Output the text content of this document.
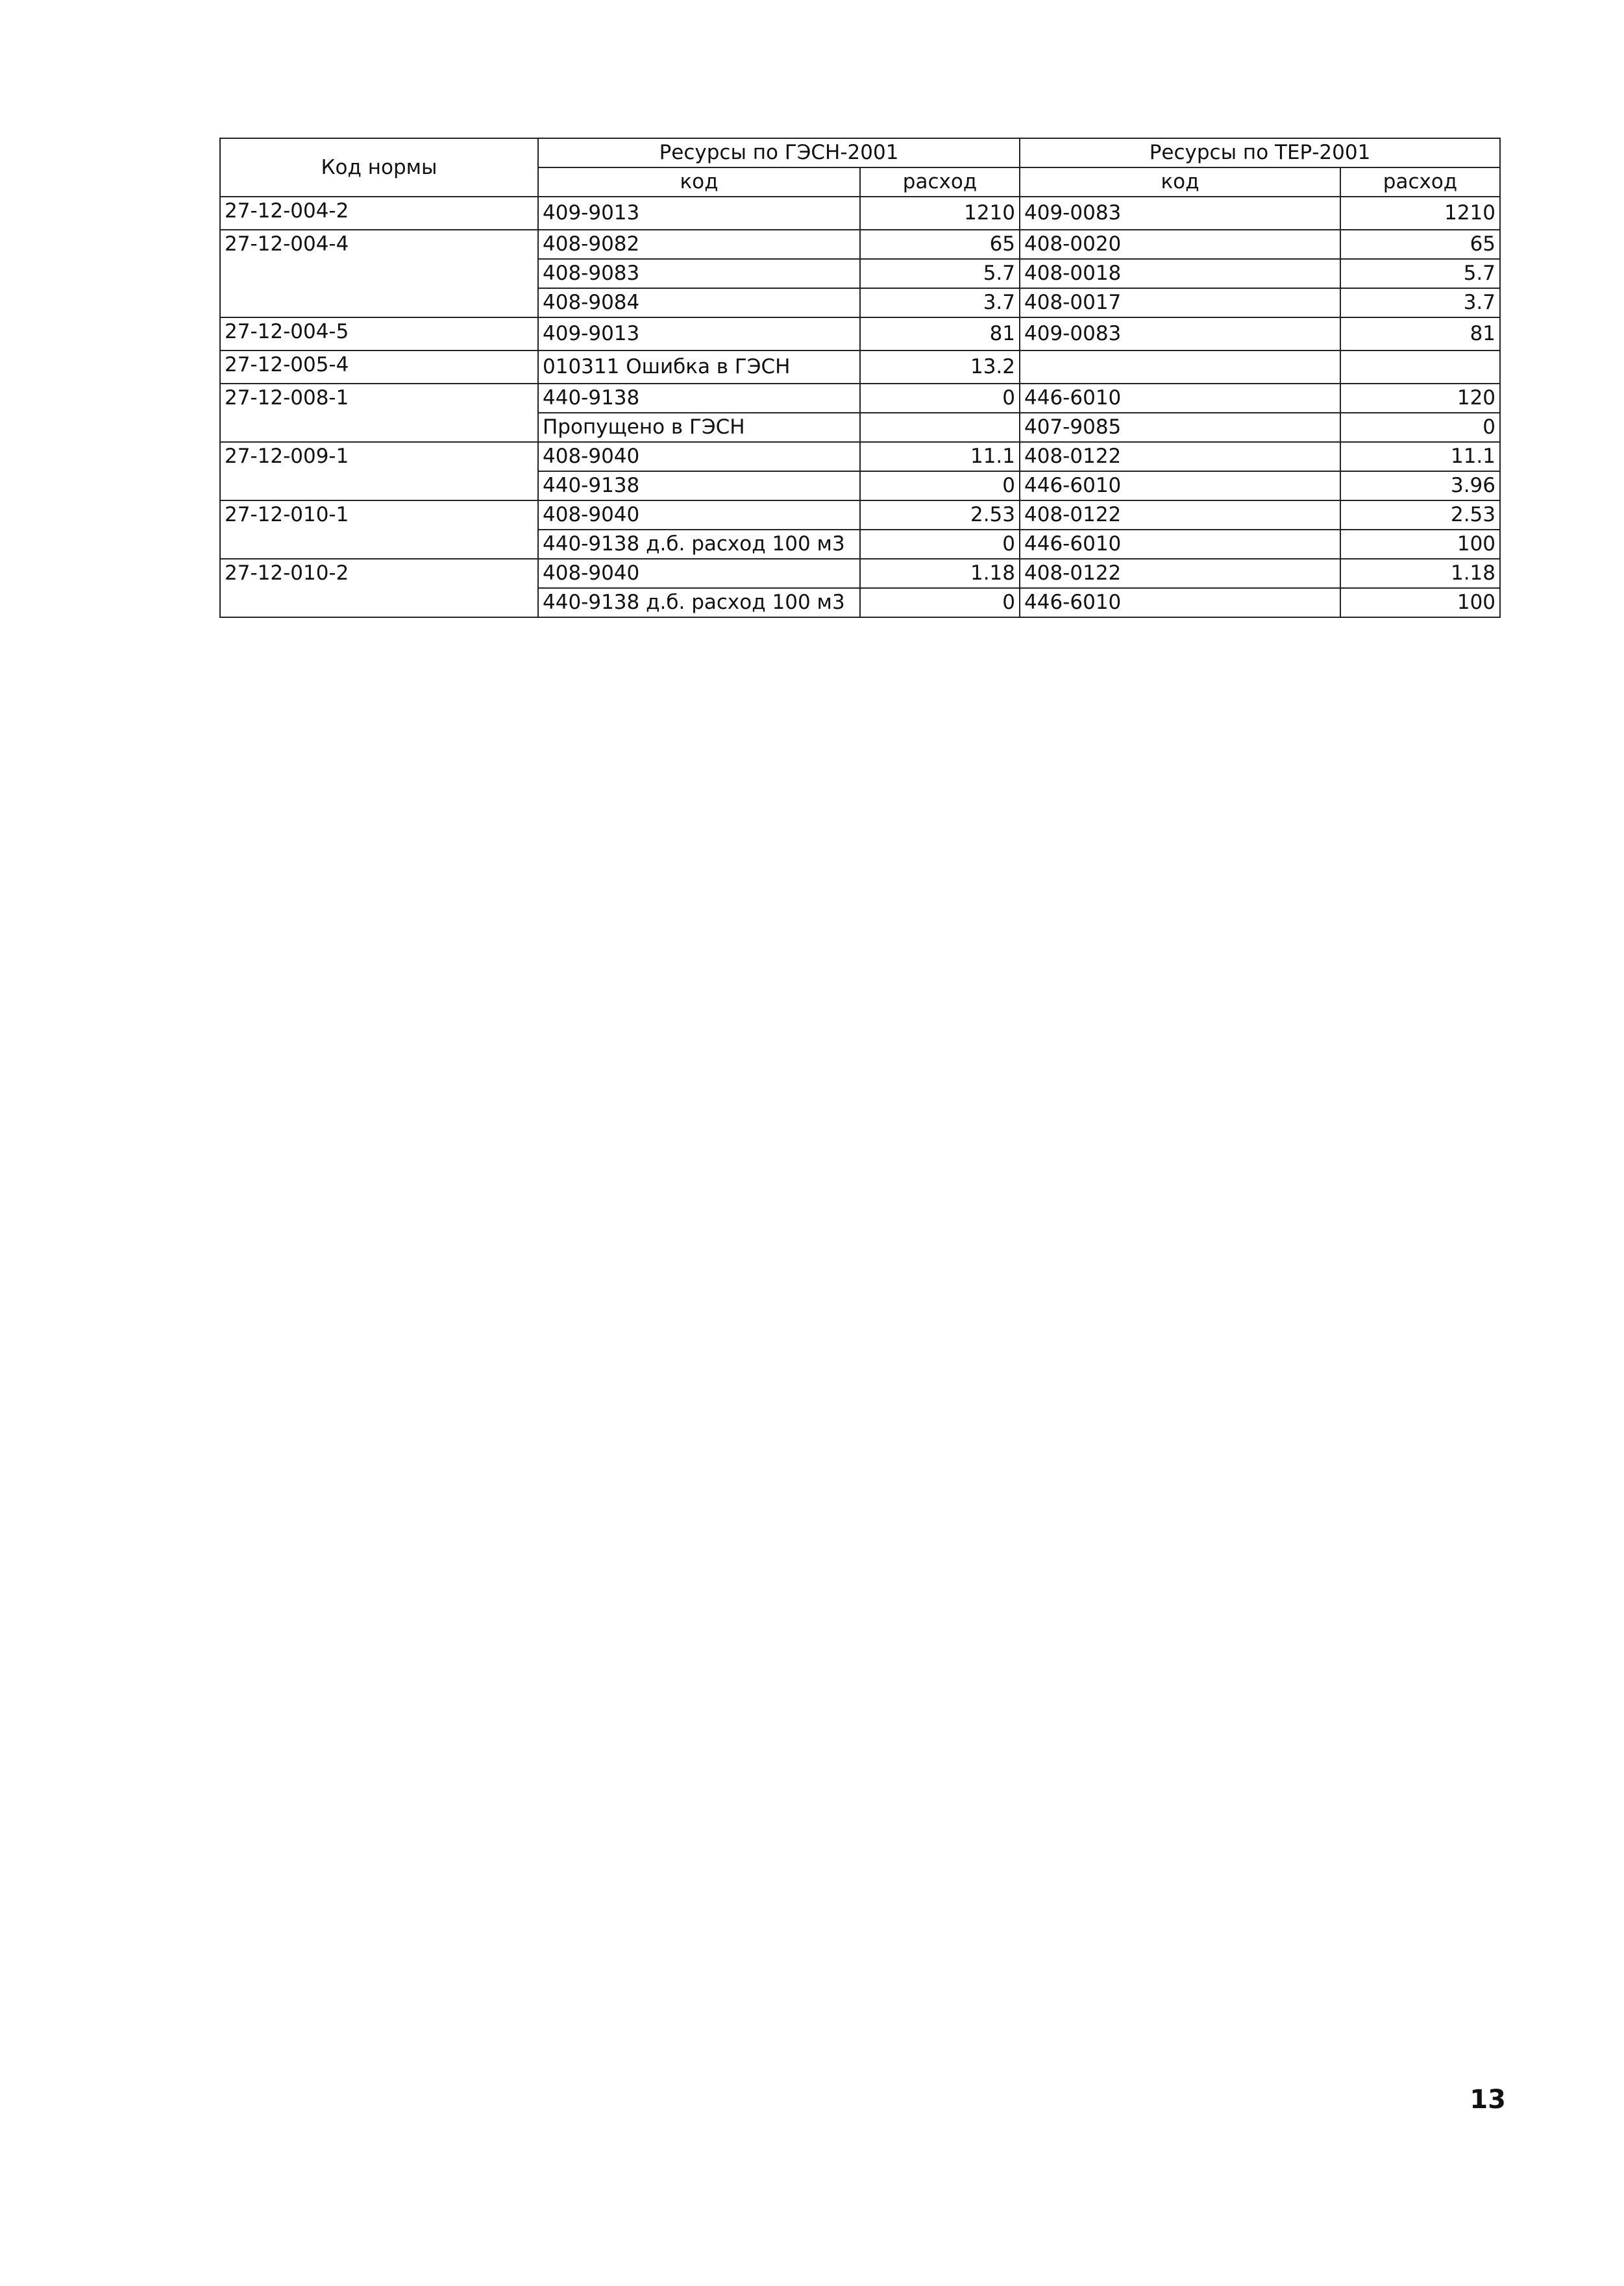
Код нормы	Ресурсы по ГЭСН-2001		Ресурсы по ТЕР-2001	
	код	расход	код	расход
27-12-004-2	409-9013	1210	409-0083	1210
27-12-004-4	408-9082	65	408-0020	65
	408-9083	5.7	408-0018	5.7
	408-9084	3.7	408-0017	3.7
27-12-004-5	409-9013	81	409-0083	81
27-12-005-4	010311 Ошибка в ГЭСН	13.2		
27-12-008-1	440-9138	0	446-6010	120
	Пропущено в ГЭСН		407-9085	0
27-12-009-1	408-9040	11.1	408-0122	11.1
	440-9138	0	446-6010	3.96
27-12-010-1	408-9040	2.53	408-0122	2.53
	440-9138 д.б. расход 100 м3	0	446-6010	100
27-12-010-2	408-9040	1.18	408-0122	1.18
	440-9138 д.б. расход 100 м3	0	446-6010	100
13
